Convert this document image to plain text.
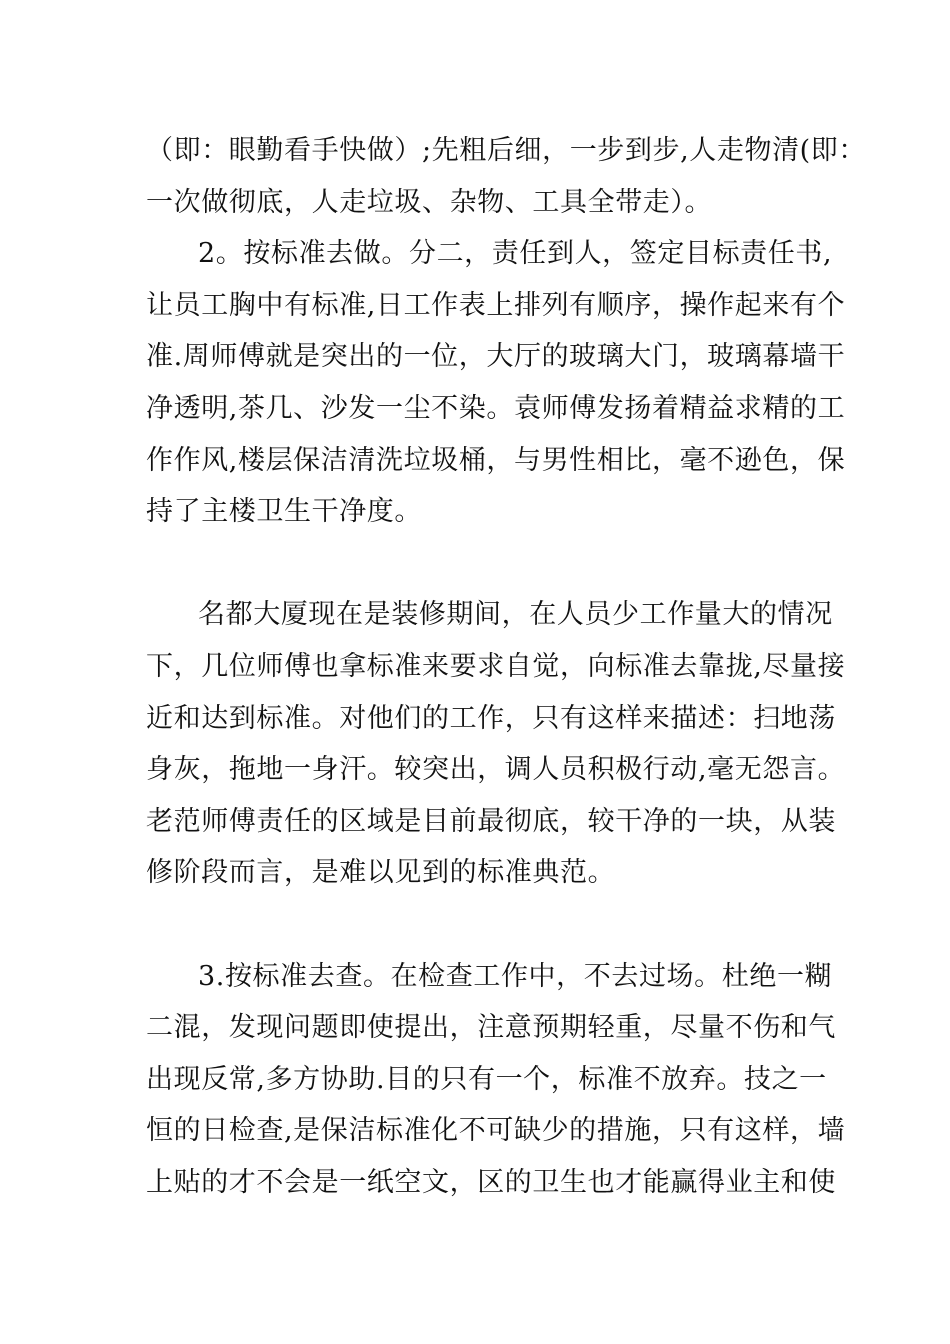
（即：眼勤看手快做）;先粗后细，一步到步,人走物清(即：
一次做彻底，人走垃圾、杂物、工具全带走）。
2。按标准去做。分二，责任到人，签定目标责任书,
让员工胸中有标准,日工作表上排列有顺序，操作起来有个
准.周师傅就是突出的一位，大厅的玻璃大门，玻璃幕墙干
净透明,茶几、沙发一尘不染。袁师傅发扬着精益求精的工
作作风,楼层保洁清洗垃圾桶，与男性相比，毫不逊色，保
持了主楼卫生干净度。
名都大厦现在是装修期间，在人员少工作量大的情况
下，几位师傅也拿标准来要求自觉，向标准去靠拢,尽量接
近和达到标准。对他们的工作，只有这样来描述：扫地荡
身灰，拖地一身汗。较突出，调人员积极行动,毫无怨言。
老范师傅责任的区域是目前最彻底，较干净的一块，从装
修阶段而言，是难以见到的标准典范。
3.按标准去查。在检查工作中，不去过场。杜绝一糊
二混，发现问题即使提出，注意预期轻重，尽量不伤和气
出现反常,多方协助.目的只有一个，标准不放弃。技之一
恒的日检查,是保洁标准化不可缺少的措施，只有这样，墙
上贴的才不会是一纸空文，区的卫生也才能赢得业主和使
